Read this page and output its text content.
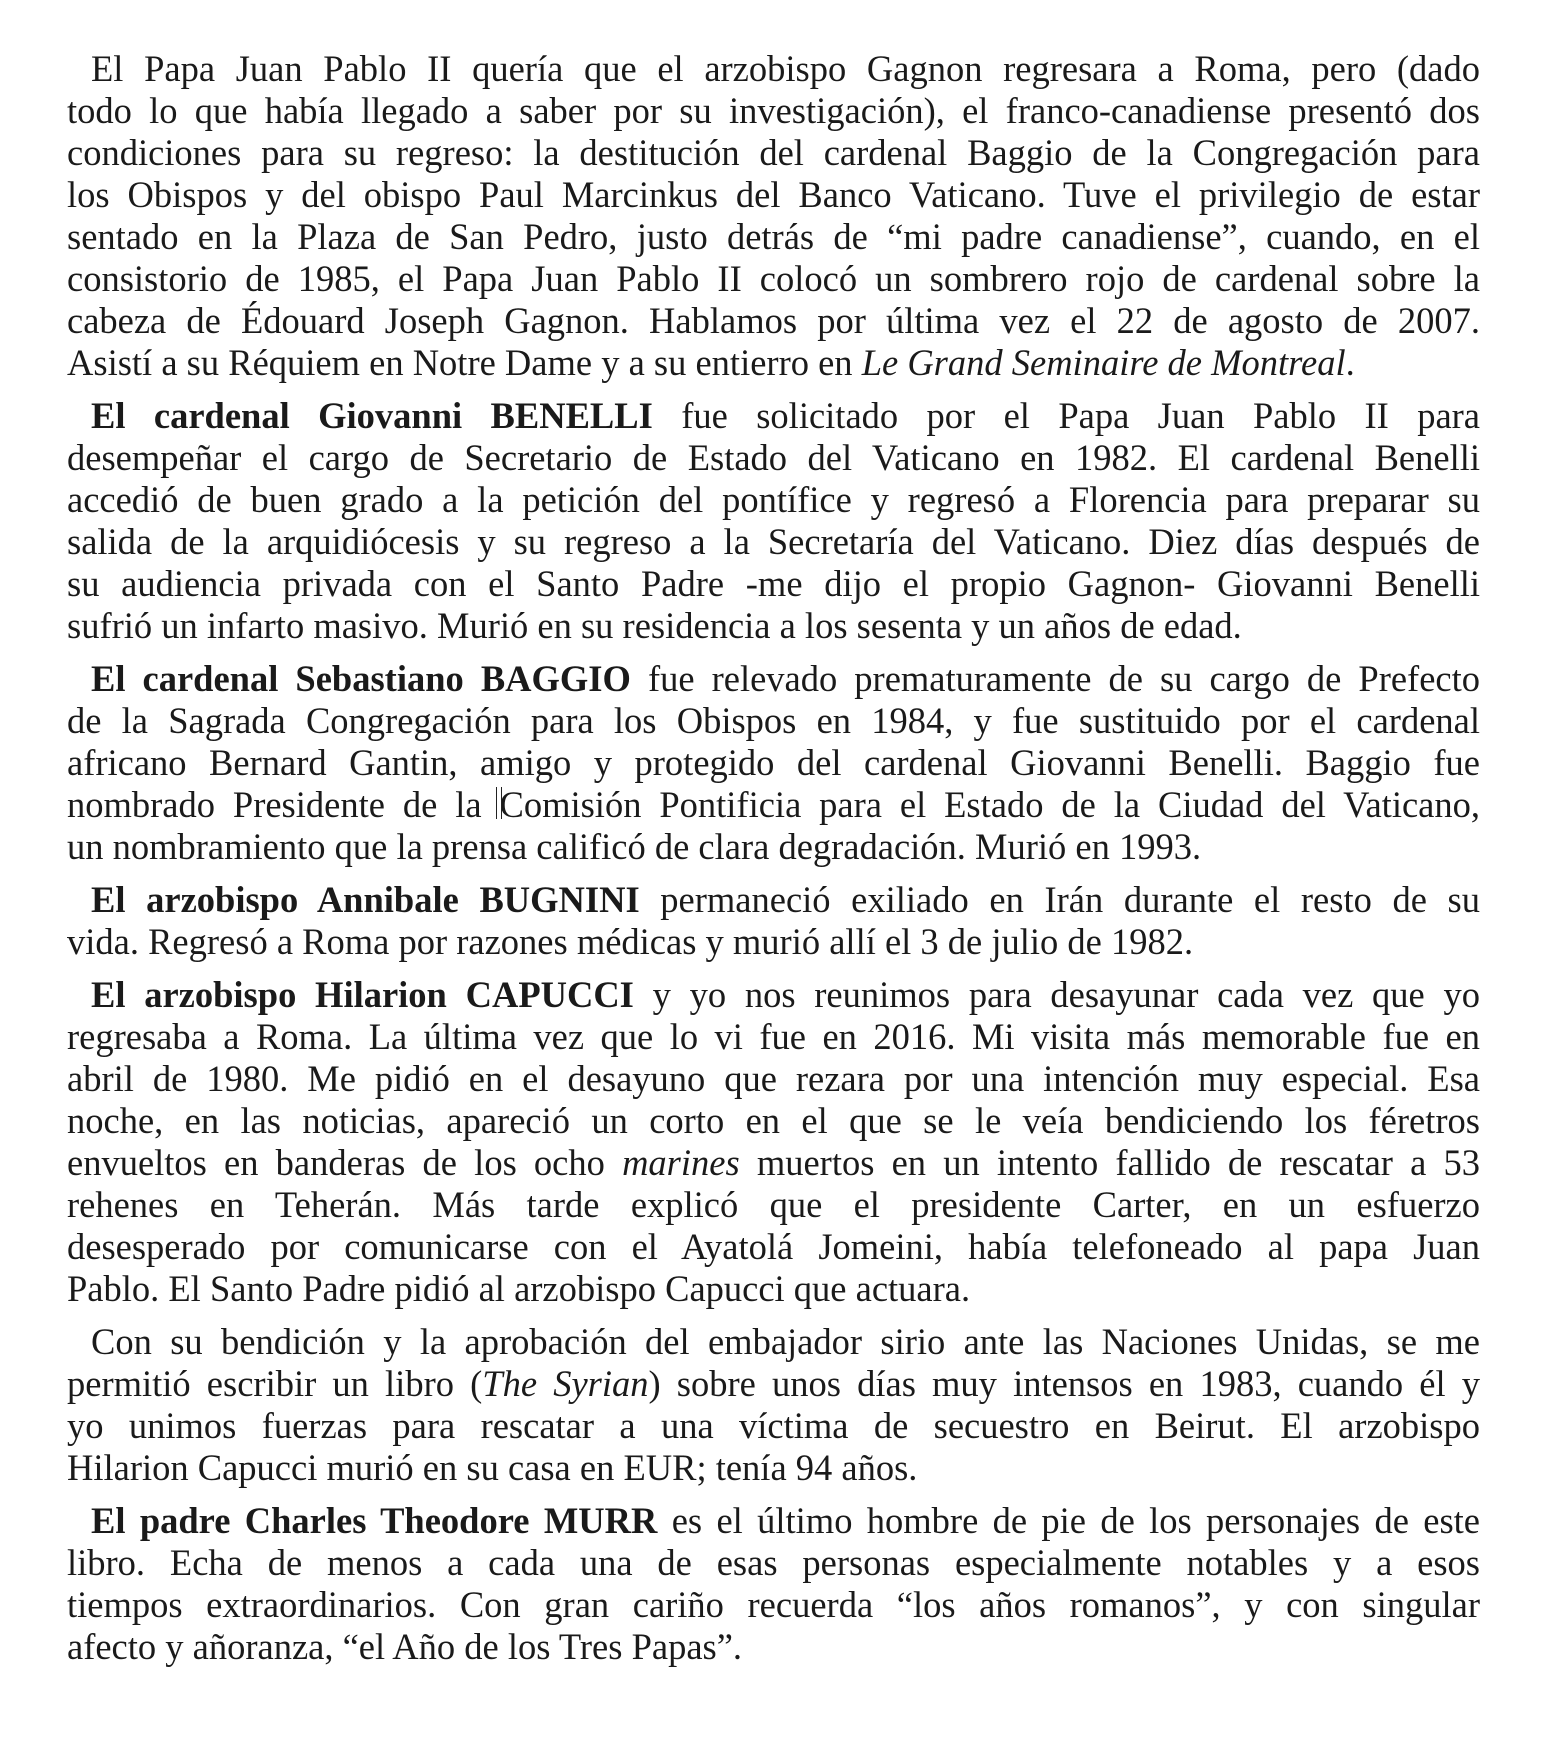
El Papa Juan Pablo II quería que el arzobispo Gagnon regresara a Roma, pero (dado
todo lo que había llegado a saber por su investigación), el franco-canadiense presentó dos
condiciones para su regreso: la destitución del cardenal Baggio de la Congregación para
los Obispos y del obispo Paul Marcinkus del Banco Vaticano. Tuve el privilegio de estar
sentado en la Plaza de San Pedro, justo detrás de “mi padre canadiense”, cuando, en el
consistorio de 1985, el Papa Juan Pablo II colocó un sombrero rojo de cardenal sobre la
cabeza de Édouard Joseph Gagnon. Hablamos por última vez el 22 de agosto de 2007.
Asistí a su Réquiem en Notre Dame y a su entierro en Le Grand Seminaire de Montreal.
El cardenal Giovanni BENELLI fue solicitado por el Papa Juan Pablo II para
desempeñar el cargo de Secretario de Estado del Vaticano en 1982. El cardenal Benelli
accedió de buen grado a la petición del pontífice y regresó a Florencia para preparar su
salida de la arquidiócesis y su regreso a la Secretaría del Vaticano. Diez días después de
su audiencia privada con el Santo Padre -me dijo el propio Gagnon- Giovanni Benelli
sufrió un infarto masivo. Murió en su residencia a los sesenta y un años de edad.
El cardenal Sebastiano BAGGIO fue relevado prematuramente de su cargo de Prefecto
de la Sagrada Congregación para los Obispos en 1984, y fue sustituido por el cardenal
africano Bernard Gantin, amigo y protegido del cardenal Giovanni Benelli. Baggio fue
nombrado Presidente de la Comisión Pontificia para el Estado de la Ciudad del Vaticano,
un nombramiento que la prensa calificó de clara degradación. Murió en 1993.
El arzobispo Annibale BUGNINI permaneció exiliado en Irán durante el resto de su
vida. Regresó a Roma por razones médicas y murió allí el 3 de julio de 1982.
El arzobispo Hilarion CAPUCCI y yo nos reunimos para desayunar cada vez que yo
regresaba a Roma. La última vez que lo vi fue en 2016. Mi visita más memorable fue en
abril de 1980. Me pidió en el desayuno que rezara por una intención muy especial. Esa
noche, en las noticias, apareció un corto en el que se le veía bendiciendo los féretros
envueltos en banderas de los ocho marines muertos en un intento fallido de rescatar a 53
rehenes en Teherán. Más tarde explicó que el presidente Carter, en un esfuerzo
desesperado por comunicarse con el Ayatolá Jomeini, había telefoneado al papa Juan
Pablo. El Santo Padre pidió al arzobispo Capucci que actuara.
Con su bendición y la aprobación del embajador sirio ante las Naciones Unidas, se me
permitió escribir un libro (The Syrian) sobre unos días muy intensos en 1983, cuando él y
yo unimos fuerzas para rescatar a una víctima de secuestro en Beirut. El arzobispo
Hilarion Capucci murió en su casa en EUR; tenía 94 años.
El padre Charles Theodore MURR es el último hombre de pie de los personajes de este
libro. Echa de menos a cada una de esas personas especialmente notables y a esos
tiempos extraordinarios. Con gran cariño recuerda “los años romanos”, y con singular
afecto y añoranza, “el Año de los Tres Papas”.
